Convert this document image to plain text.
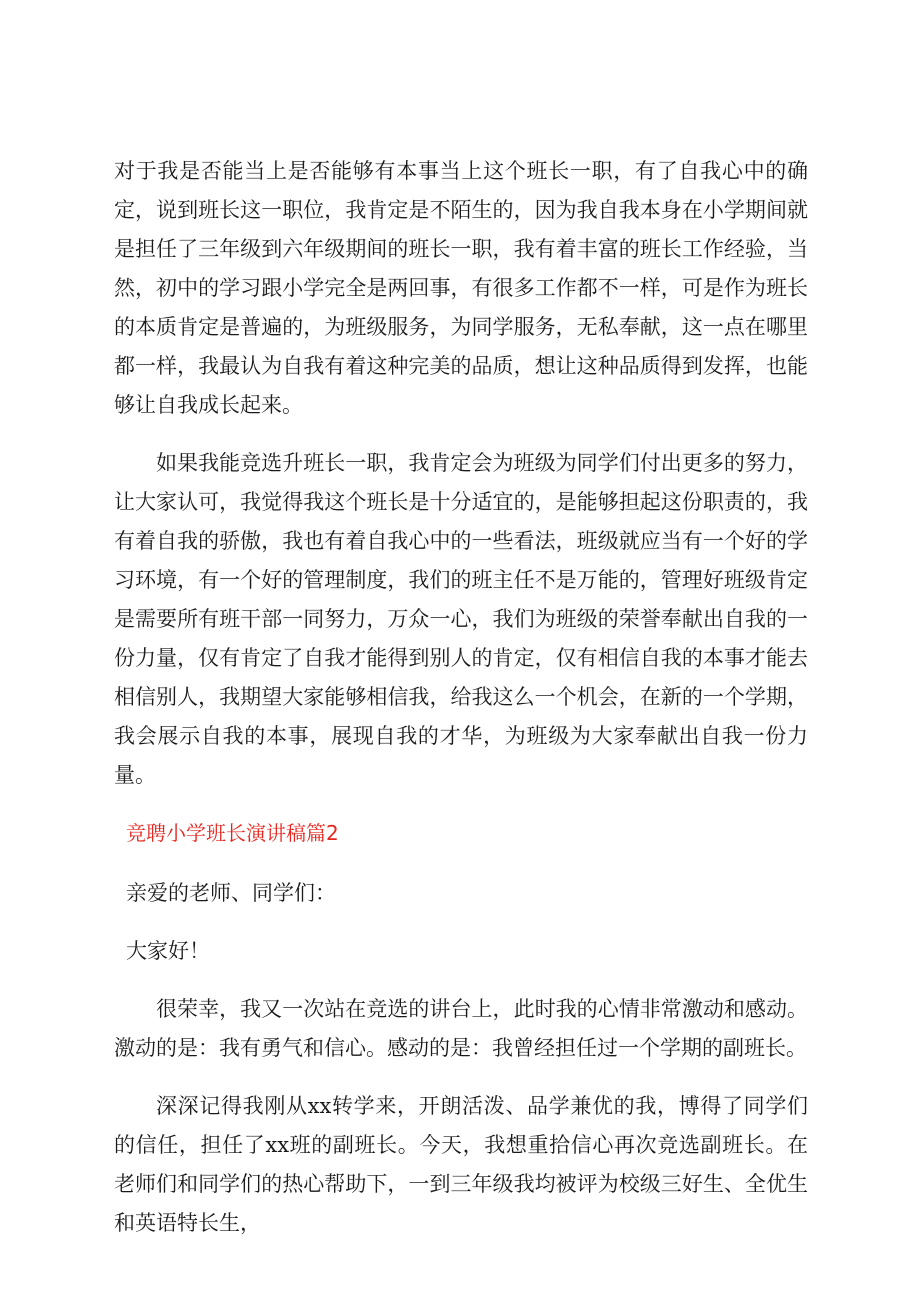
对于我是否能当上是否能够有本事当上这个班长一职，有了自我心中的确定，说到班长这一职位，我肯定是不陌生的，因为我自我本身在小学期间就是担任了三年级到六年级期间的班长一职，我有着丰富的班长工作经验，当然，初中的学习跟小学完全是两回事，有很多工作都不一样，可是作为班长的本质肯定是普遍的，为班级服务，为同学服务，无私奉献，这一点在哪里都一样，我最认为自我有着这种完美的品质，想让这种品质得到发挥，也能够让自我成长起来。

如果我能竞选升班长一职，我肯定会为班级为同学们付出更多的努力，让大家认可，我觉得我这个班长是十分适宜的，是能够担起这份职责的，我有着自我的骄傲，我也有着自我心中的一些看法，班级就应当有一个好的学习环境，有一个好的管理制度，我们的班主任不是万能的，管理好班级肯定是需要所有班干部一同努力，万众一心，我们为班级的荣誉奉献出自我的一份力量，仅有肯定了自我才能得到别人的肯定，仅有相信自我的本事才能去相信别人，我期望大家能够相信我，给我这么一个机会，在新的一个学期，我会展示自我的本事，展现自我的才华，为班级为大家奉献出自我一份力量。

竞聘小学班长演讲稿篇2
亲爱的老师、同学们：
大家好！

很荣幸，我又一次站在竞选的讲台上，此时我的心情非常激动和感动。激动的是：我有勇气和信心。感动的是：我曾经担任过一个学期的副班长。

深深记得我刚从xx转学来，开朗活泼、品学兼优的我，博得了同学们的信任，担任了xx班的副班长。今天，我想重拾信心再次竞选副班长。在老师们和同学们的热心帮助下，一到三年级我均被评为校级三好生、全优生和英语特长生，
